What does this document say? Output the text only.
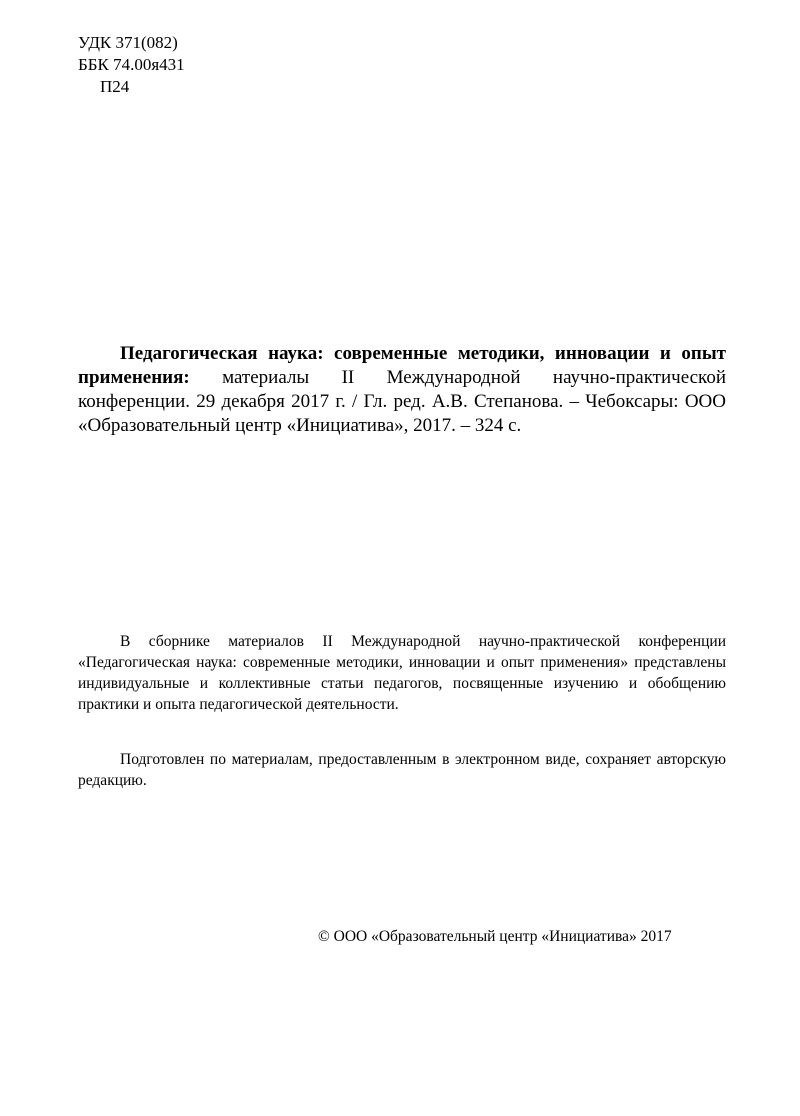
УДК 371(082)
ББК 74.00я431
П24
Педагогическая наука: современные методики, инновации и опыт применения: материалы II Международной научно-практической конференции. 29 декабря 2017 г. / Гл. ред. А.В. Степанова. – Чебоксары: ООО «Образовательный центр «Инициатива», 2017. – 324 с.
В сборнике материалов II Международной научно-практической конференции «Педагогическая наука: современные методики, инновации и опыт применения» представлены индивидуальные и коллективные статьи педагогов, посвященные изучению и обобщению практики и опыта педагогической деятельности.
Подготовлен по материалам, предоставленным в электронном виде, сохраняет авторскую редакцию.
© ООО «Образовательный центр «Инициатива» 2017
